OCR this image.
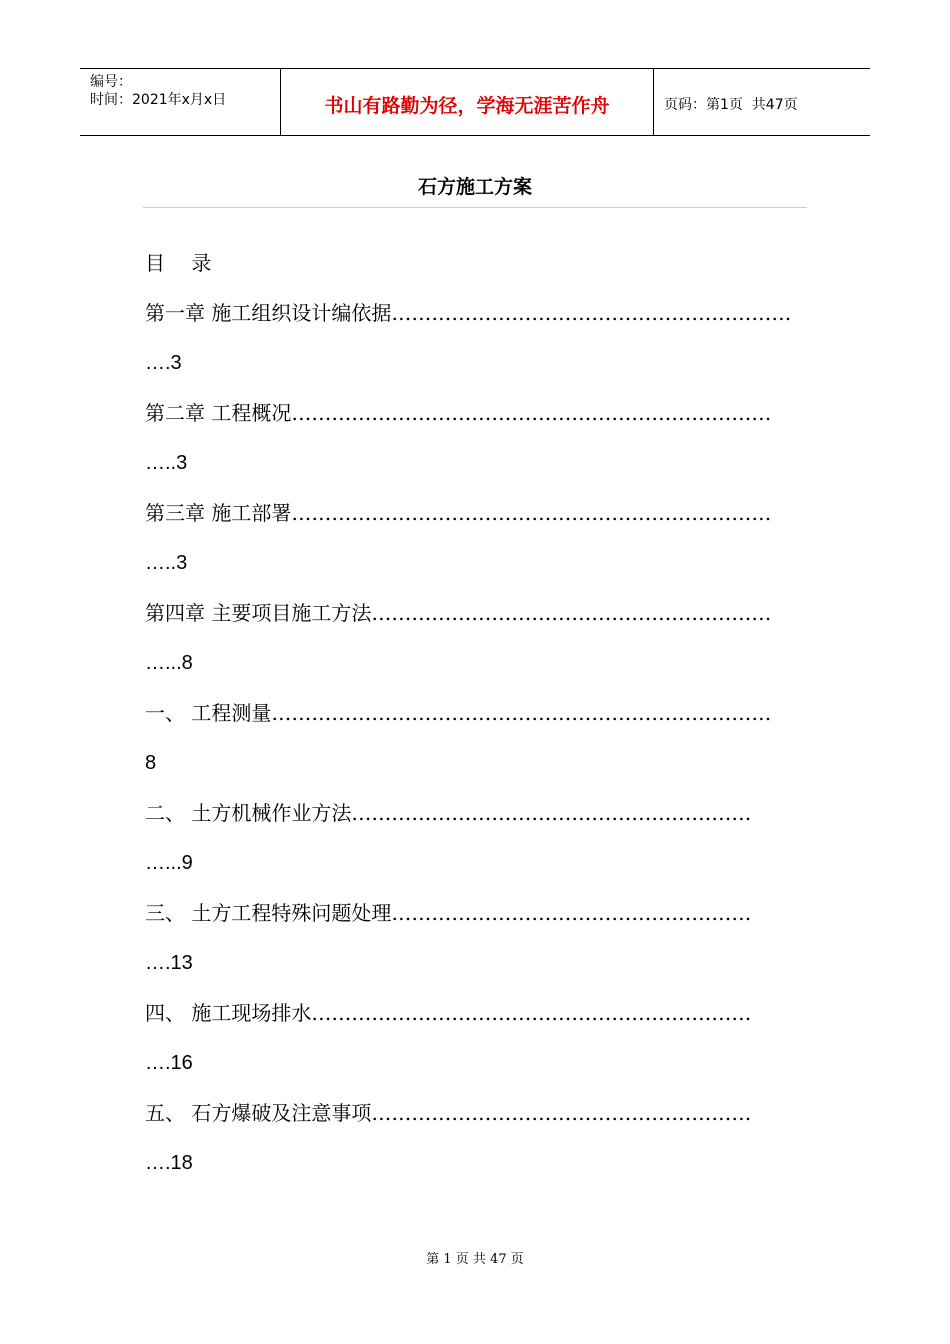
编号：
时间：2021年x月x日	书山有路勤为径，学海无涯苦作舟	页码：第1页  共47页
石方施工方案
目 录
第一章 施工组织设计编依据……………………………………………………
….3
第二章 工程概况………………………………………………………………
…..3
第三章 施工部署………………………………………………………………
…..3
第四章 主要项目施工方法……………………………………………………
…...8
一、 工程测量…………………………………………………………………
8
二、 土方机械作业方法……………………………………………………
…...9
三、 土方工程特殊问题处理………………………………………………
….13
四、 施工现场排水…………………………………………………………
….16
五、 石方爆破及注意事项…………………………………………………
….18
第 1 页 共 47 页
